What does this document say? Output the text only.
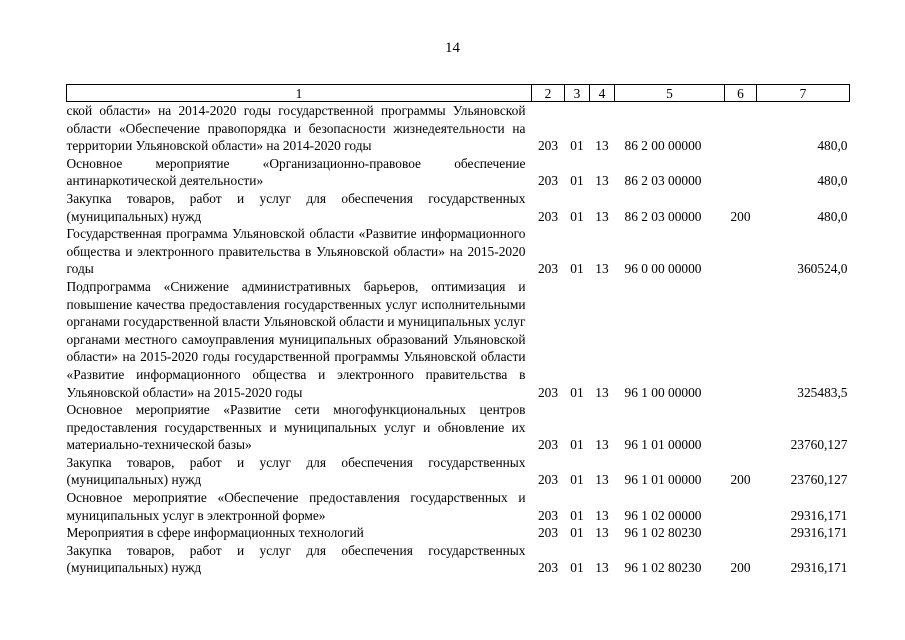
14
1	2	3	4	5	6	7
ской области» на 2014-2020 годы государственной программы Ульяновской области «Обеспечение правопорядка и безопасности жизнедеятельности на территории Ульяновской области» на 2014-2020 годы	203	01	13	86 2 00 00000		480,0
Основное мероприятие «Организационно-правовое обеспечение антинаркотической деятельности»	203	01	13	86 2 03 00000		480,0
Закупка товаров, работ и услуг для обеспечения государственных (муниципальных) нужд	203	01	13	86 2 03 00000	200	480,0
Государственная программа Ульяновской области «Развитие информационного общества и электронного правительства в Ульяновской области» на 2015-2020 годы	203	01	13	96 0 00 00000		360524,0
Подпрограмма «Снижение административных барьеров, оптимизация и повышение качества предоставления государственных услуг исполнительными органами государственной власти Ульяновской области и муниципальных услуг органами местного самоуправления муниципальных образований Ульяновской области» на 2015-2020 годы государственной программы Ульяновской области «Развитие информационного общества и электронного правительства в Ульяновской области» на 2015-2020 годы	203	01	13	96 1 00 00000		325483,5
Основное мероприятие «Развитие сети многофункциональных центров предоставления государственных и муниципальных услуг и обновление их материально-технической базы»	203	01	13	96 1 01 00000		23760,127
Закупка товаров, работ и услуг для обеспечения государственных (муниципальных) нужд	203	01	13	96 1 01 00000	200	23760,127
Основное мероприятие «Обеспечение предоставления государственных и муниципальных услуг в электронной форме»	203	01	13	96 1 02 00000		29316,171
Мероприятия в сфере информационных технологий	203	01	13	96 1 02 80230		29316,171
Закупка товаров, работ и услуг для обеспечения государственных (муниципальных) нужд	203	01	13	96 1 02 80230	200	29316,171
